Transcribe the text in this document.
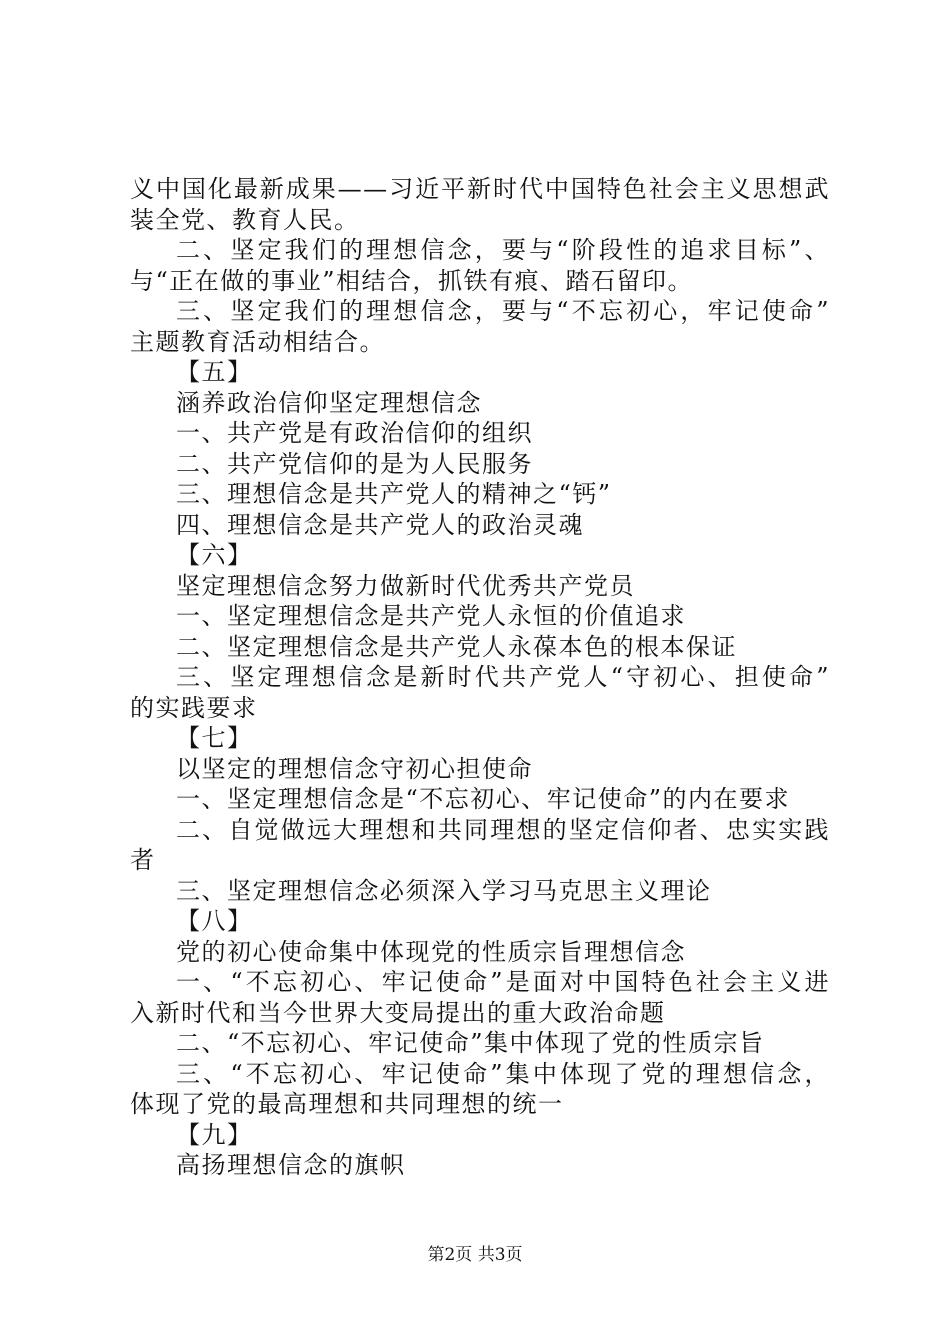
义中国化最新成果——习近平新时代中国特色社会主义思想武
装全党、教育人民。
二、坚定我们的理想信念，要与“阶段性的追求目标”、
与“正在做的事业”相结合，抓铁有痕、踏石留印。
三、坚定我们的理想信念，要与“不忘初心，牢记使命”
主题教育活动相结合。
【五】
涵养政治信仰坚定理想信念
一、共产党是有政治信仰的组织
二、共产党信仰的是为人民服务
三、理想信念是共产党人的精神之“钙”
四、理想信念是共产党人的政治灵魂
【六】
坚定理想信念努力做新时代优秀共产党员
一、坚定理想信念是共产党人永恒的价值追求
二、坚定理想信念是共产党人永葆本色的根本保证
三、坚定理想信念是新时代共产党人“守初心、担使命”
的实践要求
【七】
以坚定的理想信念守初心担使命
一、坚定理想信念是“不忘初心、牢记使命”的内在要求
二、自觉做远大理想和共同理想的坚定信仰者、忠实实践
者
三、坚定理想信念必须深入学习马克思主义理论
【八】
党的初心使命集中体现党的性质宗旨理想信念
一、“不忘初心、牢记使命”是面对中国特色社会主义进
入新时代和当今世界大变局提出的重大政治命题
二、“不忘初心、牢记使命”集中体现了党的性质宗旨
三、“不忘初心、牢记使命”集中体现了党的理想信念，
体现了党的最高理想和共同理想的统一
【九】
高扬理想信念的旗帜
第2页 共3页
